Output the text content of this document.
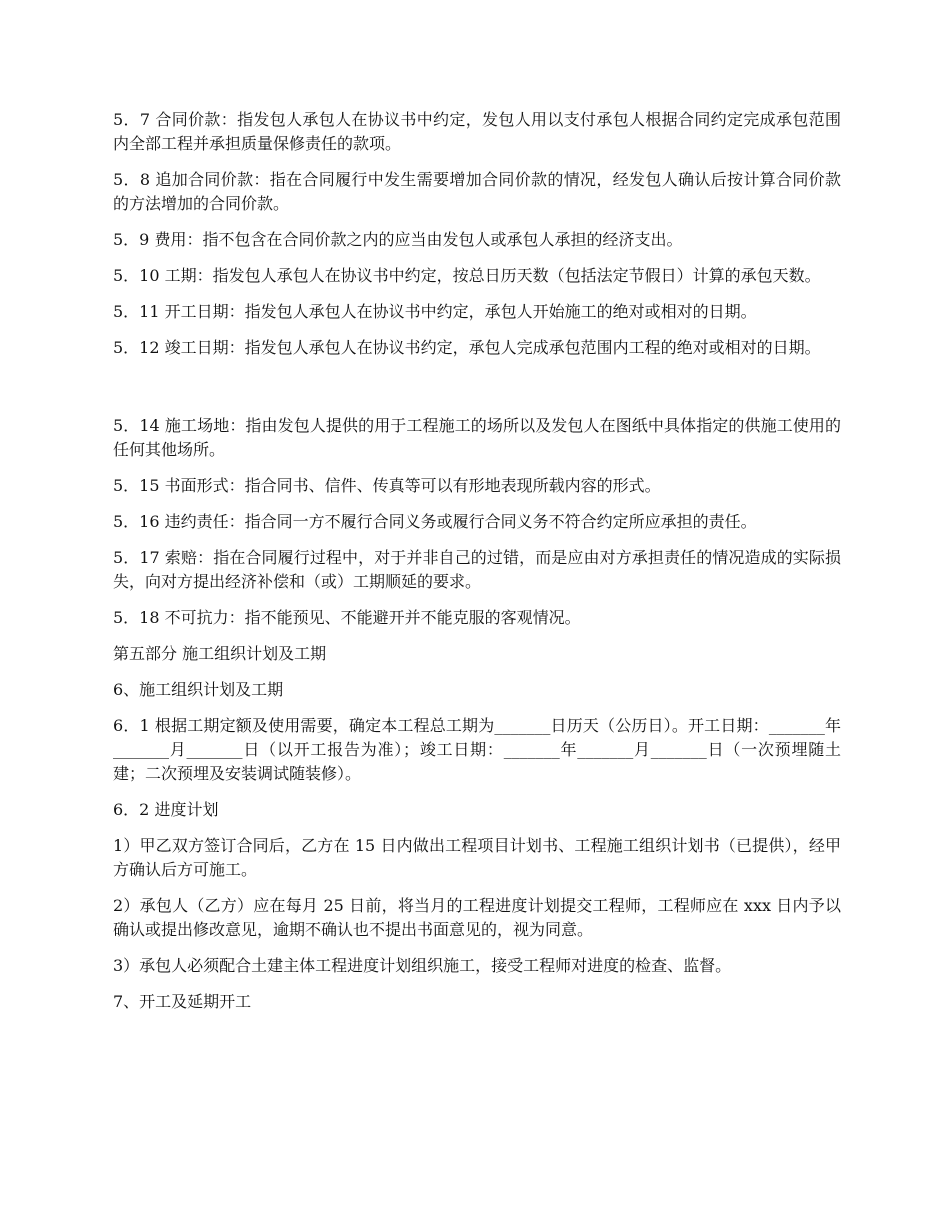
5．7 合同价款：指发包人承包人在协议书中约定，发包人用以支付承包人根据合同约定完成承包范围内全部工程并承担质量保修责任的款项。

5．8 追加合同价款：指在合同履行中发生需要增加合同价款的情况，经发包人确认后按计算合同价款的方法增加的合同价款。

5．9 费用：指不包含在合同价款之内的应当由发包人或承包人承担的经济支出。

5．10 工期：指发包人承包人在协议书中约定，按总日历天数（包括法定节假日）计算的承包天数。

5．11 开工日期：指发包人承包人在协议书中约定，承包人开始施工的绝对或相对的日期。

5．12 竣工日期：指发包人承包人在协议书约定，承包人完成承包范围内工程的绝对或相对的日期。

5．14 施工场地：指由发包人提供的用于工程施工的场所以及发包人在图纸中具体指定的供施工使用的任何其他场所。

5．15 书面形式：指合同书、信件、传真等可以有形地表现所载内容的形式。

5．16 违约责任：指合同一方不履行合同义务或履行合同义务不符合约定所应承担的责任。

5．17 索赔：指在合同履行过程中，对于并非自己的过错，而是应由对方承担责任的情况造成的实际损失，向对方提出经济补偿和（或）工期顺延的要求。

5．18 不可抗力：指不能预见、不能避开并不能克服的客观情况。

第五部分 施工组织计划及工期

6、施工组织计划及工期

6．1 根据工期定额及使用需要，确定本工程总工期为_______日历天（公历日）。开工日期：_______年_______月_______日（以开工报告为准）；竣工日期：_______年_______月_______日（一次预埋随土建；二次预埋及安装调试随装修）。

6．2 进度计划

1）甲乙双方签订合同后，乙方在 15 日内做出工程项目计划书、工程施工组织计划书（已提供），经甲方确认后方可施工。

2）承包人（乙方）应在每月 25 日前，将当月的工程进度计划提交工程师，工程师应在 xxx 日内予以确认或提出修改意见，逾期不确认也不提出书面意见的，视为同意。

3）承包人必须配合土建主体工程进度计划组织施工，接受工程师对进度的检查、监督。

7、开工及延期开工
